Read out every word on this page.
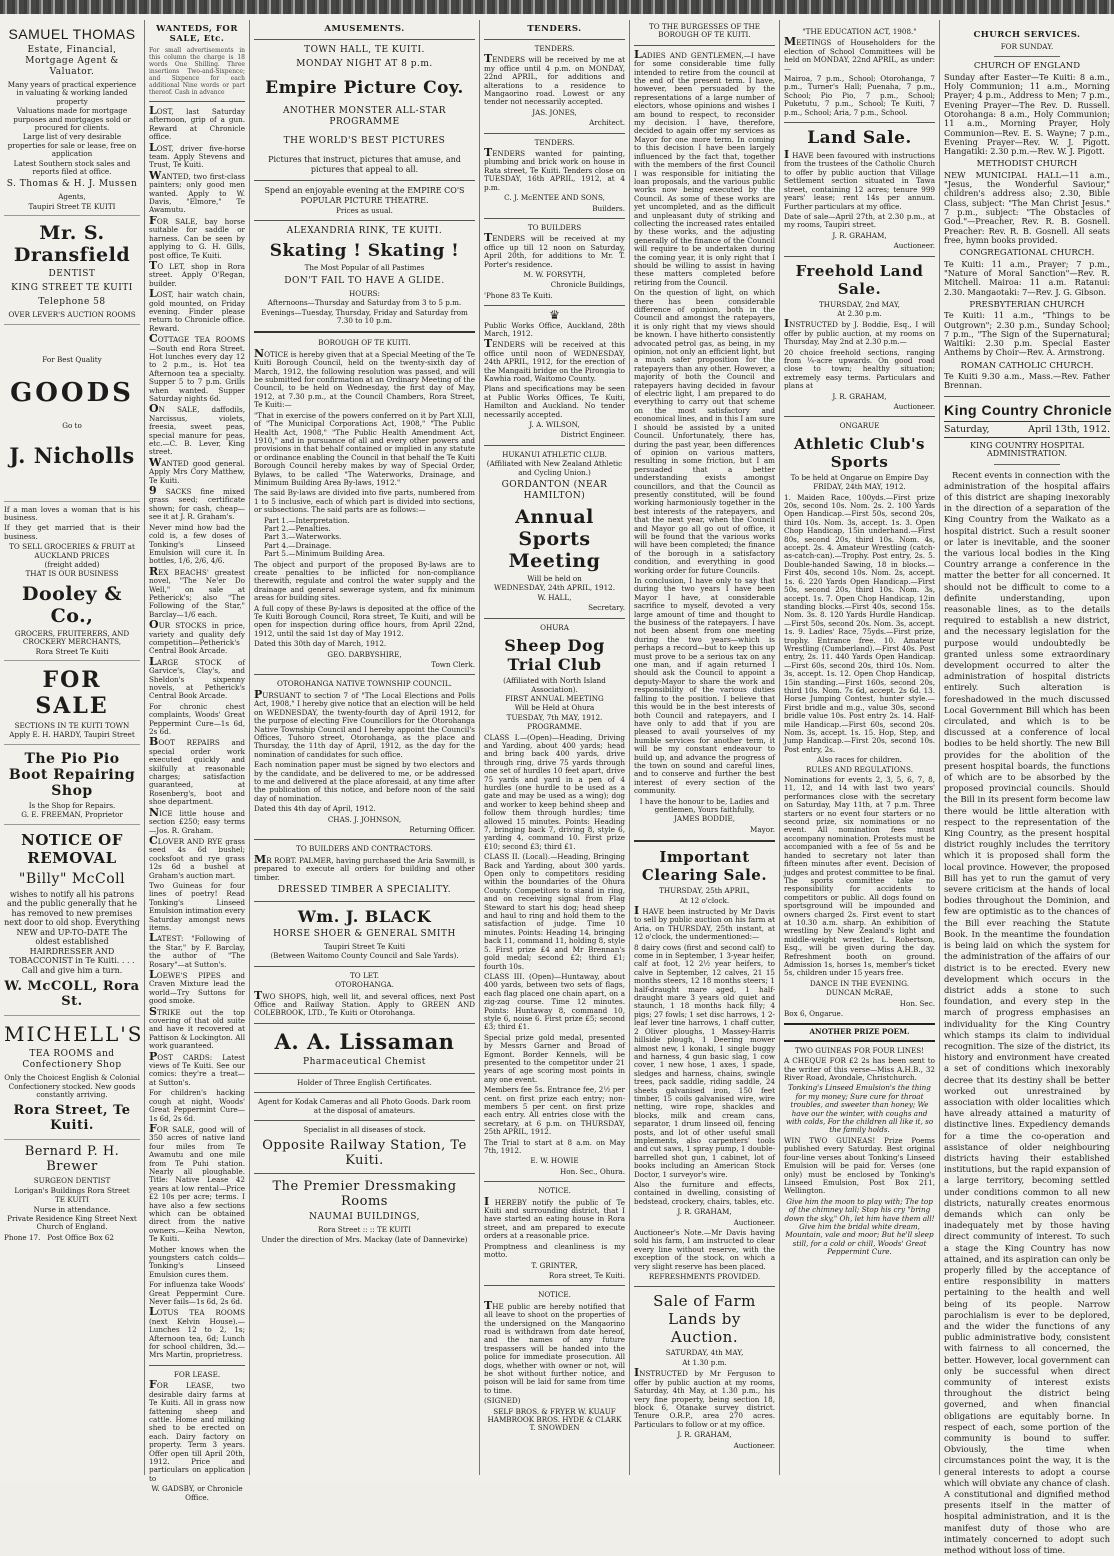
SAMUEL THOMAS
Estate, Financial, Mortgage Agent & Valuator.

Many years of practical experience in valuating & working landed property

Valuations made for mortgage purposes and mortgages sold or procured for clients.

Large list of very desirable properties for sale or lease, free on application

Latest Southern stock sales and reports filed at office.

S. Thomas & H. J. Mussen

Agents,

Taupiri Street TE KUITI

Mr. S. Dransfield
DENTIST
KING STREET TE KUITI
Telephone 58

OVER LEVER'S AUCTION ROOMS

For Best Quality

GOODS

Go to

J. Nicholls

If a man loves a woman that is his business.

If they get married that is their business.

TO SELL GROCERIES & FRUIT at AUCKLAND PRICES

(freight added)

THAT IS OUR BUSINESS

Dooley & Co.,

GROCERS, FRUITERERS, AND CROCKERY MERCHANTS,

Rora Street Te Kuiti

FOR SALE

SECTIONS IN TE KUITI TOWN

Apply E. H. HARDY, Taupiri Street

The Pio Pio Boot Repairing Shop

Is the Shop for Repairs.

G. E. FREEMAN, Proprietor

NOTICE OF REMOVAL
"Billy" McColl

wishes to notify all his patrons and the public generally that he has removed to new premises next door to old shop. Everything NEW and UP-TO-DATE The oldest established HAIRDRESSER AND TOBACCONIST in Te Kuiti. . . . Call and give him a turn.

W. McCOLL, Rora St.
MICHELL'S
TEA ROOMS and Confectionery Shop

Only the Choicest English & Colonial Confectionery stocked. New goods constantly arriving.

Rora Street, Te Kuiti.
Bernard P. H. Brewer

SURGEON DENTIST

Lorigan's Buildings Rora Street

TE KUITI

Nurse in attendance.

Private Residence King Street Next Church of England.

Phone 17. Post Office Box 62

WANTEDS, FOR SALE, Etc.

For small advertisements in this column the charge is 18 words One Shilling. Three insertions Two-and-Sixpence; and Sixpence for each additional Nine words or part thereof. Cash in advance

LOST, last Saturday afternoon, grip of a gun. Reward at Chronicle office.

LOST, driver five-horse team. Apply Stevens and Trust, Te Kuiti.

WANTED, two first-class painters; only good men wanted. Apply to W. Davis, "Elmore," Te Awamutu.

FOR SALE, bay horse suitable for saddle or harness. Can be seen by applying to G. H. Gills, post office, Te Kuiti.

TO LET, shop in Rora street. Apply O'Regan, builder.

LOST, hair watch chain, gold mounted, on Friday evening. Finder please return to Chronicle office. Reward.

COTTAGE TEA ROOMS—South end Rora Street. Hot lunches every day 12 to 2 p.m., is. Hot tea Afternoon tea a specialty. Supper 5 to 7 p.m. Grills when wanted. Supper Saturday nights 6d.

ON SALE, daffodils, Narcissus, violets, freesia, sweet peas, special manure for peas, etc.—C. B. Lever, King street.

WANTED good general. Apply Mrs Cory Matthew, Te Kuiti.

9 SACKS fine mixed grass seed; certificate shown; for cash, cheap—see it at J. R. Graham's.

Never mind how bad the cold is, a few doses of Tonking's Linseed Emulsion will cure it. In bottles, 1/6, 2/6, 4/6.

REX BEACHS' greatest novel, "The Ne'er Do Well," on sale at Petherick's; also "The Following of the Star," Barclay—1/6 each.

OUR STOCKS in price, variety and quality defy competition—Petherick's Central Book Arcade.

LARGE STOCK of Garvice's, Clay's, and Sheldon's sixpenny novels, at Petherick's Central Book Arcade.

For chronic chest complaints, Woods' Great Peppermint Cure—1s 6d, 2s 6d.

BOOT REPAIRS and special order work executed quickly and skilfully at reasonable charges; satisfaction guaranteed, at Rosenberg's, boot and shoe department.

NICE little house and section £250; easy terms—Jos. R. Graham.

CLOVER AND RYE grass seed 4s 6d bushel; cocksfoot and rye grass 12s 6d a bushel at Graham's auction mart.

Two Guineas for four lines of poetry! Read Tonking's Linseed Emulsion intimation every Saturday amongst news items.

LATEST: "Following of the Star," by F. Barclay, the author of "The Rosary"—at Sutton's.

LOEWE'S PIPES and Craven Mixture lead the world—Try Suttons for good smoke.

STRIKE out the top covering of that old suite and have it recovered at Pattison & Lockington. All work guaranteed.

POST CARDS: Latest views of Te Kuiti. See our comics: they're a treat—at Sutton's.

For children's hacking cough at night, Woods' Great Peppermint Cure—1s 6d, 2s 6d.

FOR SALE, good will of 350 acres of native land four miles from Te Awamutu and one mile from Te Puhi station. Nearly all ploughable. Title: Native Lease 42 years at low rental—Price £2 10s per acre; terms. I have also a few sections which can be obtained direct from the native owners.—Keiha Newton, Te Kuiti.

Mother knows when the youngsters catch colds—Tonking's Linseed Emulsion cures them.

For influenza take Woods' Great Peppermint Cure. Never fails—1s 6d, 2s 6d.

LOTUS TEA ROOMS (next Kelvin House).—Lunches 12 to 2, 1s; Afternoon tea, 6d; Lunch for school children, 3d.—Mrs Martin, proprietress.

FOR LEASE.

FOR LEASE, two desirable dairy farms at Te Kuiti. All in grass now fattening sheep and cattle. Home and milking shed to be erected on each. Dairy factory on property. Term 3 years. Offer open till April 20th, 1912. Price and particulars on application to

W. GADSBY, or Chronicle Office.

AMUSEMENTS.
TOWN HALL, TE KUITI.
MONDAY NIGHT AT 8 p.m.
Empire Picture Coy.
ANOTHER MONSTER ALL-STAR PROGRAMME
THE WORLD'S BEST PICTURES

Pictures that instruct, pictures that amuse, and pictures that appeal to all.

Spend an enjoyable evening at the EMPIRE CO'S POPULAR PICTURE THEATRE.

Prices as usual.

ALEXANDRIA RINK, TE KUITI.
Skating ! Skating !

The Most Popular of all Pastimes

DON'T FAIL TO HAVE A GLIDE.

HOURS:

Afternoons—Thursday and Saturday from 3 to 5 p.m.

Evenings—Tuesday, Thursday, Friday and Saturday from 7.30 to 10 p.m.

BOROUGH OF TE KUITI.

NOTICE is hereby given that at a Special Meeting of the Te Kuiti Borough Council, held on the twenty-sixth day of March, 1912, the following resolution was passed, and will be submitted for confirmation at an Ordinary Meeting of the Council, to be held on Wednesday, the first day of May, 1912, at 7.30 p.m., at the Council Chambers, Rora Street, Te Kuiti:—

"That in exercise of the powers conferred on it by Part XLII, of "The Municipal Corporations Act, 1908," "The Public Health Act, 1908," "The Public Health Amendment Act, 1910," and in pursuance of all and every other powers and provisions in that behalf contained or implied in any statute or ordinance enabling the Council in that behalf the Te Kuiti Borough Council hereby makes by way of Special Order, Bylaws, to be called "The Waterworks, Drainage, and Minimum Building Area By-laws, 1912."

The said By-laws are divided into five parts, numbered from 1 to 5 inclusive, each of which part is divided into sections, or subsections. The said parts are as follows:—

Part 1.—Interpretation.

Part 2.—Penalties.

Part 3.—Waterworks.

Part 4.—Drainage.

Part 5.—Minimum Building Area.

The object and purport of the proposed By-laws are to create penalties to be inflicted for non-compliance therewith, regulate and control the water supply and the drainage and general sewerage system, and fix minimum areas for building sites.

A full copy of these By-laws is deposited at the office of the Te Kuiti Borough Council, Rora street, Te Kuiti, and will be open for inspection during office hours, from April 22nd, 1912, until the said 1st day of May 1912.

Dated this 30th day of March, 1912.

GEO. DARBYSHIRE,

Town Clerk.

OTOROHANGA NATIVE TOWNSHIP COUNCIL.

PURSUANT to section 7 of "The Local Elections and Polls Act, 1908," I hereby give notice that an election will be held on WEDNESDAY, the twenty-fourth day of April 1912, for the purpose of electing Five Councillors for the Otorohanga Native Township Council and I hereby appoint the Council's Offices, Tuhoro street, Otorohanga, as the place and Thursday, the 11th day of April, 1912, as the day for the nomination of candidates for such office.

Each nomination paper must be signed by two electors and by the candidate, and be delivered to me, or be addressed to me and delivered at the place aforesaid, at any time after the publication of this notice, and before noon of the said day of nomination.

Dated this 4th day of April, 1912.

CHAS. J. JOHNSON,

Returning Officer.

TO BUILDERS AND CONTRACTORS.

MR ROBT. PALMER, having purchased the Aria Sawmill, is prepared to execute all orders for building and other timber.

DRESSED TIMBER A SPECIALITY.
Wm. J. BLACK
HORSE SHOER & GENERAL SMITH

Taupiri Street Te Kuiti

(Between Waitomo County Council and Sale Yards).

TO LET.
OTOROHANGA.

TWO SHOPS, high, well lit, and several offices, next Post Office and Railway Station. Apply to GREEN AND COLEBROOK, LTD., Te Kuiti or Otorohanga.

A. A. Lissaman
Pharmaceutical Chemist

Holder of Three English Certificates.

Agent for Kodak Cameras and all Photo Goods. Dark room at the disposal of amateurs.

Specialist in all diseases of stock.

Opposite Railway Station, Te Kuiti.
The Premier Dressmaking Rooms
NAUMAI BUILDINGS,

Rora Street :: :: TE KUITI

Under the direction of Mrs. Mackay (late of Dannevirke)

TENDERS.
TENDERS.

TENDERS will be received by me at my office until 4 p.m. on MONDAY, 22nd APRIL, for additions and alterations to a residence to Mangaorino road. Lowest or any tender not necessarily accepted.

JAS. JONES,

Architect.

TENDERS.

TENDERS wanted for painting, plumbing and brick work on house in Rata street, Te Kuiti. Tenders close on TUESDAY, 16th APRIL, 1912, at 4 p.m.

C. J. McENTEE AND SONS,

Builders.

TO BUILDERS

TENDERS will be received at my office up till 12 noon on Saturday, April 20th, for additions to Mr. T. Porter's residence.

M. W. FORSYTH,

Chronicle Buildings,

'Phone 83 Te Kuiti.

♛

Public Works Office, Auckland, 28th March, 1912.

TENDERS will be received at this office until noon of WEDNESDAY, 24th APRIL, 1912, for the erection of the Mangaiti bridge on the Pirongia to Kawhia road, Waitomo County.

Plans and specifications may be seen at Public Works Offices, Te Kuiti, Hamilton and Auckland. No tender necessarily accepted.

J. A. WILSON,

District Engineer.

HUKANUI ATHLETIC CLUB.

(Affiliated with New Zealand Athletic and Cycling Union.)

GORDANTON (NEAR HAMILTON)
Annual Sports Meeting

Will be held on

WEDNESDAY, 24th APRIL, 1912.

W. HALL,

Secretary.

OHURA
Sheep Dog Trial Club

(Affiliated with North Island Association).

FIRST ANNUAL MEETING

Will be Held at Ohura

TUESDAY, 7th MAY, 1912.
PROGRAMME.

CLASS I.—(Open)—Heading, Driving and Yarding, about 400 yards; head and bring back 400 yards, drive through ring, drive 75 yards through one set of hurdles 10 feet apart, drive 75 yards and yard in a pen of 4 hurdles (one hurdle to be used as a gate and may be used as a wing); dog and worker to keep behind sheep and follow them through hurdles; time allowed 15 minutes. Points: Heading 7, bringing back 7, driving 8, style 6, yarding 4, command 10. First prize £10; second £3; third £1.

CLASS II. (Local).—Heading, Bringing Back and Yarding, about 300 yards. Open only to competitors residing within the boundaries of the Ohura County. Competitors to stand in ring, and on receiving signal from Flag Steward to start his dog; head sheep and haul to ring and hold them to the satisfaction of judge. Time 10 minutes. Points: Heading 14, bringing back 11, command 11, holding 8, style 5. First prize £4 and Mr Brennan's gold medal; second £2; third £1; fourth 10s.

CLASS III. (Open)—Huntaway, about 400 yards, between two sets of flags, each flag placed one chain apart, on a zig-zag course. Time 12 minutes. Points: Huntaway 8, command 10, style 6, noise 6. First prize £5; second £3; third £1.

Special prize gold medal, presented by Messrs Garner and Broad of Egmont. Border Kennels, will be presented to the competitor under 21 years of age scoring most points in any one event.

Members fee 5s. Entrance fee, 2½ per cent. on first prize each entry; non-members 5 per cent. on first prize each entry. All entries close with the secretary, at 6 p.m. on THURSDAY, 25th APRIL, 1912.

The Trial to start at 8 a.m. on May 7th, 1912.

E. W. HOWIE

Hon. Sec., Ohura.

NOTICE.

I HEREBY notify the public of Te Kuiti and surrounding district, that I have started an eating house in Rora street, and am prepared to execute orders at a reasonable price.

Promptness and cleanliness is my motto.

T. GRINTER,

Rora street, Te Kuiti.

NOTICE.

THE public are hereby notified that all leave to shoot on the properties of the undersigned on the Mangaorino road is withdrawn from date hereof, and the names of any future trespassers will be handed into the police for immediate prosecution. All dogs, whether with owner or not, will be shot without further notice, and poison will be laid for same from time to time.

(SIGNED)

SELF BROS. & FRYER W. KUAUF HAMBROOK BROS. HYDE & CLARK T. SNOWDEN

TO THE BURGESSES OF THE BOROUGH OF TE KUITI.

LADIES AND GENTLEMEN,—I have for some considerable time fully intended to retire from the council at the end of the present term. I have, however, been persuaded by the representations of a large number of electors, whose opinions and wishes I am bound to respect, to reconsider my decision. I have, therefore, decided to again offer my services as Mayor for one more term. In coming to this decision I have been largely influenced by the fact that, together with the members of the first Council I was responsible for initiating the loan proposals, and the various public works now being executed by the Council. As some of these works are yet uncompleted, and as the difficult and unpleasant duty of striking and collecting the increased rates entailed by these works, and the adjusting generally of the finance of the Council will require to be undertaken during the coming year, it is only right that I should be willing to assist in having these matters completed before retiring from the Council.

On the question of light, on which there has been considerable difference of opinion, both in the Council and amongst the ratepayers, it is only right that my views should be known. I have hitherto consistently advocated petrol gas, as being, in my opinion, not only an efficient light, but a much safer proposition for the ratepayers than any other. However, a majority of both the Council and ratepayers having decided in favour of electric light, I am prepared to do everything to carry out that scheme on the most satisfactory and economical lines, and in this I am sure I should be assisted by a united Council. Unfortunately, there has, during the past year, been differences of opinion on various matters, resulting in some friction, but I am persuaded that a better understanding exists amongst councillors, and that the Council as presently constituted, will be found working harmoniously together in the best interests of the ratepayers, and that the next year, when the Council and Mayor go all go out of office, it will be found that the various works will have been completed; the finance of the borough in a satisfactory condition, and everything in good working order for future Councils.

In conclusion, I have only to say that during the two years I have been Mayor I have, at considerable sacrifice to myself, devoted a very large amount of time and thought to the business of the ratepayers. I have not been absent from one meeting during the two years—which is perhaps a record—but to keep this up must prove to be a serious tax on any one man, and if again returned I should ask the Council to appoint a deputy-Mayor to share the work and responsibility of the various duties falling to the position. I believe that this would be in the best interests of both Council and ratepayers, and I have only to add that if you are pleased to avail yourselves of my humble services for another term, it will be my constant endeavour to build up, and advance the progress of the town on sound and careful lines, and to conserve and further the best interest of every section of the community.

I have the honour to be, Ladies and gentlemen, Yours faithfully,

JAMES BODDIE,

Mayor.

Important Clearing Sale.
THURSDAY, 25th APRIL,

At 12 o'clock.

I HAVE been instructed by Mr Davis to sell by public auction on his farm at Aria, on THURSDAY, 25th instant, at 12 o'clock, the undermentioned:—

8 dairy cows (first and second calf) to come in in September, 1 3-year heifer, calf at foot, 12 2½ year heifers, to calve in September, 12 calves, 21 15 months steers, 12 18 months steers; 1 half-draught mare aged, 1 half-draught mare 3 years old quiet and staunch, 1 18 months hack filly; 4 pigs; 27 fowls; 1 set disc harrows, 1 2-leaf lever tine harrows, 1 chaff cutter, 2 Oliver ploughs, 1 Massey-Harris hillside plough, 1 Deering mower almost new, 1 konaki, 1 single buggy and harness, 4 gun basic slag, 1 cow cover, 1 new hose, 1 axes, 1 spade, sledges and harness, chains, swingle trees, pack saddle, riding saddle, 24 sheets galvanised iron, 150 feet timber, 15 coils galvanised wire, wire netting, wire rope, shackles and blocks, milk and cream cans, separator, 1 drum linseed oil, fencing posts, and lot of other useful small implements, also carpenters' tools and cut saws, 1 spray pump, 1 double-barrelled shot gun, 1 cabinet, lot of books including an American Stock Doctor, 1 surveyor's wire.

Also the furniture and effects, contained in dwelling, consisting of bedstead, crockery, chairs, tables, etc.

J. R. GRAHAM,

Auctioneer.

Auctioneer's Note.—Mr Davis having sold his farm, I am instructed to clear every line without reserve, with the exception of the stock, on which a very slight reserve has been placed.

REFRESHMENTS PROVIDED.
Sale of Farm Lands by Auction.
SATURDAY, 4th MAY,

At 1.30 p.m.

INSTRUCTED by Mr Ferguson to offer by public auction at my rooms, Saturday, 4th May, at 1.30 p.m., his very fine property, being section 18, block 6, Otanake survey district. Tenure O.R.P., area 270 acres. Particulars to follow or at my office.

J. R. GRAHAM,

Auctioneer.

"THE EDUCATION ACT, 1908."

MEETINGS of Householders for the election of School Committees will be held on MONDAY, 22nd APRIL, as under:—

Mairoa, 7 p.m., School; Otorohanga, 7 p.m., Turner's Hall; Puenaha, 7 p.m., School; Pio Pio, 7 p.m., School; Puketutu, 7 p.m., School; Te Kuiti, 7 p.m., School; Aria, 7 p.m., School.

Land Sale.

I HAVE been favoured with instructions from the trustees of the Catholic Church to offer by public auction that Village Settlement section situated in Tawa street, containing 12 acres; tenure 999 years' lease; rent 14s per annum. Further particulars at my office.

Date of sale—April 27th, at 2.30 p.m., at my rooms, Taupiri street.

J. R. GRAHAM,

Auctioneer.

Freehold Land Sale.
THURSDAY, 2nd MAY,

At 2.30 p.m.

INSTRUCTED by J. Boddie, Esq., I will offer by public auction, at my rooms on Thursday, May 2nd at 2.30 p.m.—

20 choice freehold sections, ranging from ¼-acre upwards. On good road close to town; healthy situation; extremely easy terms. Particulars and plans at

J. R. GRAHAM,

Auctioneer.

ONGARUE
Athletic Club's Sports

To be held at Ongarue on Empire Day

FRIDAY, 24th MAY, 1912.

1. Maiden Race, 100yds.—First prize 20s, second 10s. Nom. 2s. 2. 100 Yards Open Handicap.—First 50s, second 20s, third 10s. Nom. 3s, accept. 1s. 3. Open Chop Handicap, 15in underhand.—First 80s, second 20s, third 10s. Nom. 4s, accept. 2s. 4. Amateur Wrestling (catch-as-catch-can).—Trophy. Post entry, 2s. 5. Double-handed Sawing, 18 in blocks.—First 40s, second 10s. Nom. 2s, accept. 1s. 6. 220 Yards Open Handicap.—First 50s, second 20s, third 10s. Nom. 3s, accept. 1s. 7. Open Chop Handicap, 12in standing blocks.—First 40s, second 15s. Nom. 3s. 8. 120 Yards Hurdle Handicap.—First 50s, second 20s. Nom. 3s, accept. 1s. 9. Ladies' Race, 75yds.—First prize, trophy. Entrance free. 10. Amateur Wrestling (Cumberland).—First 40s. Post entry, 2s. 11. 440 Yards Open Handicap.—First 60s, second 20s, third 10s. Nom. 3s, accept. 1s. 12. Open Chop Handicap, 15in standing.—First 160s, second 20s, third 10s. Nom. 7s 6d, accept. 2s 6d. 13. Horse Jumping Contest, hunter style.—First bridle and m.g., value 30s, second bridle value 10s. Post entry 2s. 14. Half-mile Handicap.—First 60s, second 20s. Nom. 3s, accept. 1s. 15. Hop, Step, and Jump Handicap.—First 20s, second 10s. Post entry, 2s.

Also races for children.

RULES AND REGULATIONS.

Nominations for events 2, 3, 5, 6, 7, 8, 11, 12, and 14 with last two years' performances close with the secretary on Saturday, May 11th, at 7 p.m. Three starters or no event four starters or no second prize, six nominations or no event. All nomination fees must accompany nomination. Protests must be accompanied with a fee of 5s and be handed to secretary not later than fifteen minutes after event. Decision of judges and protest committee to be final. The sports committee take no responsibility for accidents to competitors or public. All dogs found on sportsground will be impounded and owners charged 2s. First event to start at 10.30 a.m. sharp. An exhibition of wrestling by New Zealand's light and middle-weight wrestler, L. Robertson, Esq., will be given during the day. Refreshment booth on ground. Admission 1s, horses 1s, member's ticket 5s, children under 15 years free.

DANCE IN THE EVENING.

DUNCAN McRAE,

Hon. Sec.

Box 6, Ongarue.

ANOTHER PRIZE POEM.
TWO GUINEAS FOR FOUR LINES!

A CHEQUE FOR £2 2s has been sent to the writer of this verse—Miss A.H.B., 32 River Road, Avondale, Christchurch.

Tonking's Linseed Emulsion's the thing for my money; Sure cure for throat troubles, and sweeter than honey; We have our the winter, with coughs and with colds, For the children all like it, so the family holds.

WIN TWO GUINEAS! Prize Poems published every Saturday. Best original four-line verses about Tonking's Linseed Emulsion will be paid for. Verses (one only) must be enclosed by Tonking's Linseed Emulsion, Post Box 211, Wellington.

Give him the moon to play with; The top of the chimney tall; Stop his cry "bring down the sky," Oh, let him have them all! Give him the bridal white dream, Mountain, vale and moor; But he'll sleep still, for a cold or chill, Woods' Great Peppermint Cure.

CHURCH SERVICES.
FOR SUNDAY.
CHURCH OF ENGLAND

Sunday after Easter—Te Kuiti: 8 a.m., Holy Communion; 11 a.m., Morning Prayer; 4 p.m., Address to Men; 7 p.m., Evening Prayer—The Rev. D. Russell. Otorohanga: 8 a.m., Holy Communion; 11 a.m., Morning Prayer, Holy Communion—Rev. E. S. Wayne; 7 p.m., Evening Prayer—Rev. W. J. Pigott. Hangatiki: 2.30 p.m.—Rev. W. J. Pigott.

METHODIST CHURCH

NEW MUNICIPAL HALL—11 a.m., "Jesus, the Wonderful Saviour," children's address also; 2.30, Bible Class, subject: "The Man Christ Jesus." 7 p.m., subject: "The Obstacles of God."—Preacher, Rev. R. B. Gosnell. Preacher: Rev. R. B. Gosnell. All seats free, hymn books provided.

CONGREGATIONAL CHURCH.

Te Kuiti: 11 a.m., Prayer; 7 p.m., "Nature of Moral Sanction"—Rev. R. Mitchell. Mairoa: 11 a.m. Ratanui: 2.30. Mangaotaki: 7—Rev. J. G. Gibson.

PRESBYTERIAN CHURCH

Te Kuiti: 11 a.m., "Things to be Outgrown"; 2.30 p.m., Sunday School; 7 p.m., "The Sign of the Supernatural; Waitiki: 2.30 p.m. Special Easter Anthems by Choir—Rev. A. Armstrong.

ROMAN CATHOLIC CHURCH.

Te Kuiti 9.30 a.m., Mass.—Rev. Father Brennan.

King Country Chronicle
Saturday,	April 13th, 1912.
KING COUNTRY HOSPITAL ADMINISTRATION.

Recent events in connection with the administration of the hospital affairs of this district are shaping inexorably in the direction of a separation of the King Country from the Waikato as a hospital district. Such a result sooner or later is inevitable, and the sooner the various local bodies in the King Country arrange a conference in the matter the better for all concerned. It should not be difficult to come to a definite understanding, upon reasonable lines, as to the details required to establish a new district, and the necessary legislation for the purpose would undoubtedly be granted unless some extraordinary development occurred to alter the administration of hospital districts entirely. Such alteration is foreshadowed in the much discussed Local Government Bill which has been circulated, and which is to be discussed at a conference of local bodies to be held shortly. The new Bill provides for the abolition of the present hospital boards, the functions of which are to be absorbed by the proposed provincial councils. Should the Bill in its present form become law there would be little alteration with respect to the representation of the King Country, as the present hospital district roughly includes the territory which it is proposed shall form the local province. However, the proposed Bill has yet to run the gamut of very severe criticism at the hands of local bodies throughout the Dominion, and few are optimistic as to the chances of the Bill ever reaching the Statute Book. In the meantime the foundation is being laid on which the system for the administration of the affairs of our district is to be erected. Every new development which occurs in the district adds a stone to such foundation, and every step in the march of progress emphasises an individuality for the King Country which stamps its claim to individual recognition. The size of the district, its history and environment have created a set of conditions which inexorably decree that its destiny shall be better worked out unrestrained by association with older localities which have already attained a maturity of distinctive lines. Expediency demands for a time the co-operation and assistance of older neighbouring districts having their established institutions, but the rapid expansion of a large territory, becoming settled under conditions common to all new districts, naturally creates enormous demands which can only be inadequately met by those having direct community of interest. To such a stage the King Country has now attained, and its aspiration can only be properly filled by the acceptance of entire responsibility in matters pertaining to the health and well being of its people. Narrow parochialism is ever to be deplored, and the wider the functions of any public administrative body, consistent with fairness to all concerned, the better. However, local government can only be successful when direct community of interest exists throughout the district being governed, and when financial obligations are equitably borne. In respect of each, some portion of the community is bound to suffer. Obviously, the time when circumstances point the way, it is the general interests to adopt a course which will obviate any chance of clash. A constitutional and dignified method presents itself in the matter of hospital administration, and it is the manifest duty of those who are intimately concerned to adopt such method without loss of time.
